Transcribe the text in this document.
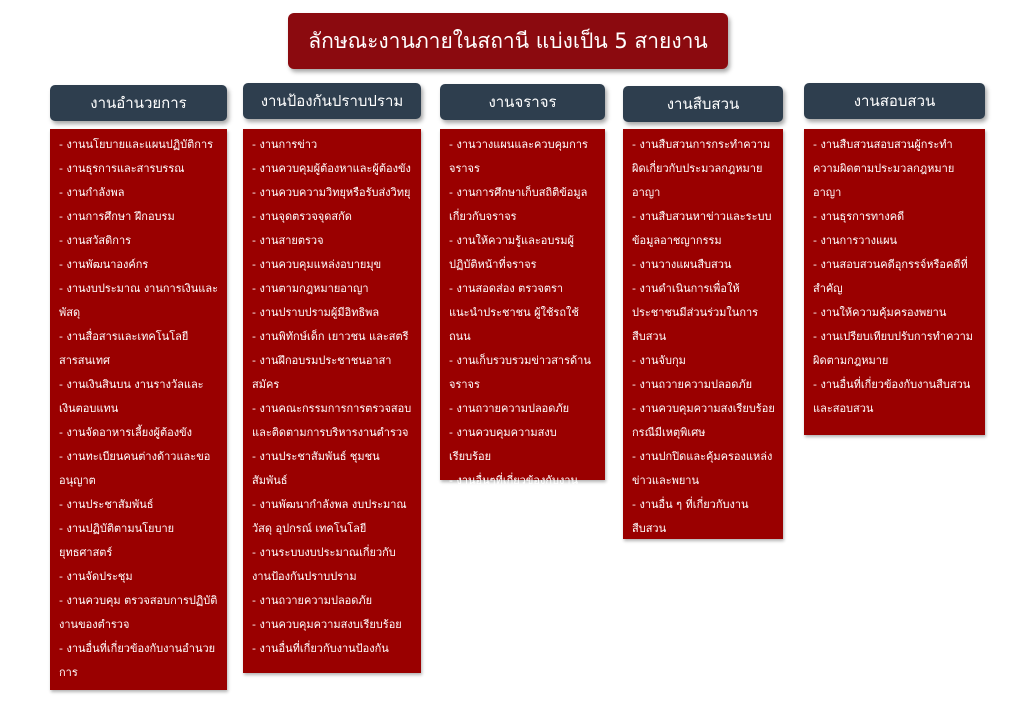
ลักษณะงานภายในสถานี แบ่งเป็น 5 สายงาน
งานอำนวยการ
- งานนโยบายและแผนปฏิบัติการ
- งานธุรการและสารบรรณ
- งานกำลังพล
- งานการศึกษา ฝึกอบรม
- งานสวัสดิการ
- งานพัฒนาองค์กร
- งานงบประมาณ งานการเงินและพัสดุ
- งานสื่อสารและเทคโนโลยีสารสนเทศ
- งานเงินสินบน งานรางวัลและเงินตอบแทน
- งานจัดอาหารเลี้ยงผู้ต้องขัง
- งานทะเบียนคนต่างด้าวและขออนุญาต
- งานประชาสัมพันธ์
- งานปฏิบัติตามนโยบายยุทธศาสตร์
- งานจัดประชุม
- งานควบคุม ตรวจสอบการปฏิบัติงานของตำรวจ
- งานอื่นที่เกี่ยวข้องกับงานอำนวยการ
งานป้องกันปราบปราม
- งานการข่าว
- งานควบคุมผู้ต้องหาและผู้ต้องขัง
- งานควบความวิทยุหรือรับส่งวิทยุ
- งานจุดตรวจจุดสกัด
- งานสายตรวจ
- งานควบคุมแหล่งอบายมุข
- งานตามกฎหมายอาญา
- งานปราบปรามผู้มีอิทธิพล
- งานพิทักษ์เด็ก เยาวชน และสตรี
- งานฝึกอบรมประชาชนอาสาสมัคร
- งานคณะกรรมการการตรวจสอบและติดตามการบริหารงานตำรวจ
- งานประชาสัมพันธ์ ชุมชนสัมพันธ์
- งานพัฒนากำลังพล งบประมาณ วัสดุ อุปกรณ์ เทคโนโลยี
- งานระบบงบประมาณเกี่ยวกับงานป้องกันปราบปราม
- งานถวายความปลอดภัย
- งานควบคุมความสงบเรียบร้อย
- งานอื่นที่เกี่ยวกับงานป้องกัน
งานจราจร
- งานวางแผนและควบคุมการจราจร
- งานการศึกษาเก็บสถิติข้อมูลเกี่ยวกับจราจร
- งานให้ความรู้และอบรมผู้ปฏิบัติหน้าที่จราจร
- งานสอดส่อง ตรวจตราแนะนำประชาชน ผู้ใช้รถใช้ถนน
- งานเก็บรวบรวมข่าวสารด้านจราจร
- งานถวายความปลอดภัย
- งานควบคุมความสงบเรียบร้อย
- งานอื่นๆที่เกี่ยวข้องกับงาน
งานสืบสวน
- งานสืบสวนการกระทำความผิดเกี่ยวกับประมวลกฎหมายอาญา
- งานสืบสวนหาข่าวและระบบข้อมูลอาชญากรรม
- งานวางแผนสืบสวน
- งานดำเนินการเพื่อให้ประชาชนมีส่วนร่วมในการสืบสวน
- งานจับกุม
- งานถวายความปลอดภัย
- งานควบคุมความสงเรียบร้อยกรณีมีเหตุพิเศษ
- งานปกปิดและคุ้มครองแหล่งข่าวและพยาน
- งานอื่น ๆ ที่เกี่ยวกับงานสืบสวน
งานสอบสวน
- งานสืบสวนสอบสวนผู้กระทำความผิดตามประมวลกฎหมายอาญา
- งานธุรการทางคดี
- งานการวางแผน
- งานสอบสวนคดีอุกรรจ์หรือคดีที่สำคัญ
- งานให้ความคุ้มครองพยาน
- งานเปรียบเทียบปรับการทำความผิดตามกฎหมาย
- งานอื่นที่เกี่ยวข้องกับงานสืบสวนและสอบสวน
